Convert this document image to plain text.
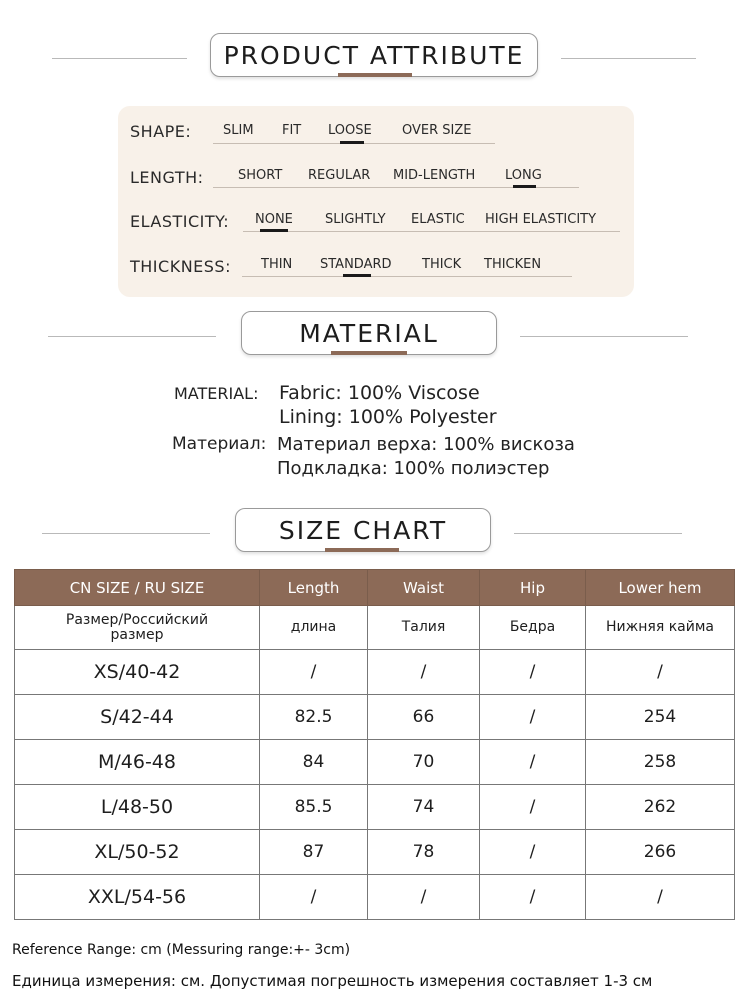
PRODUCT ATTRIBUTE
SHAPE: SLIM FIT LOOSE OVER SIZE
LENGTH:	SHORT REGULAR MID-LENGTH LONG
ELASTICITY: NONE SLIGHTLY ELASTIC HIGH ELASTICITY
THICKNESS: THIN STANDARD THICK THICKEN
MATERIAL
MATERIAL: Fabric: 100% Viscose
Lining: 100% Polyester
Материал: Материал верха: 100% вискоза
Подкладка: 100% полиэстер
SIZE CHART
CN SIZE / RU SIZE	Length	Waist	Hip	Lower hem
Размер/Российский размер	длина	Талия	Бедра	Нижняя кайма
XS/40-42	/	/	/	/
S/42-44	82.5	66	/	254
M/46-48	84	70	/	258
L/48-50	85.5	74	/	262
XL/50-52	87	78	/	266
XXL/54-56	/	/	/	/
Reference Range: cm (Messuring range:+- 3cm)
Единица измерения: см. Допустимая погрешность измерения составляет 1-3 см
